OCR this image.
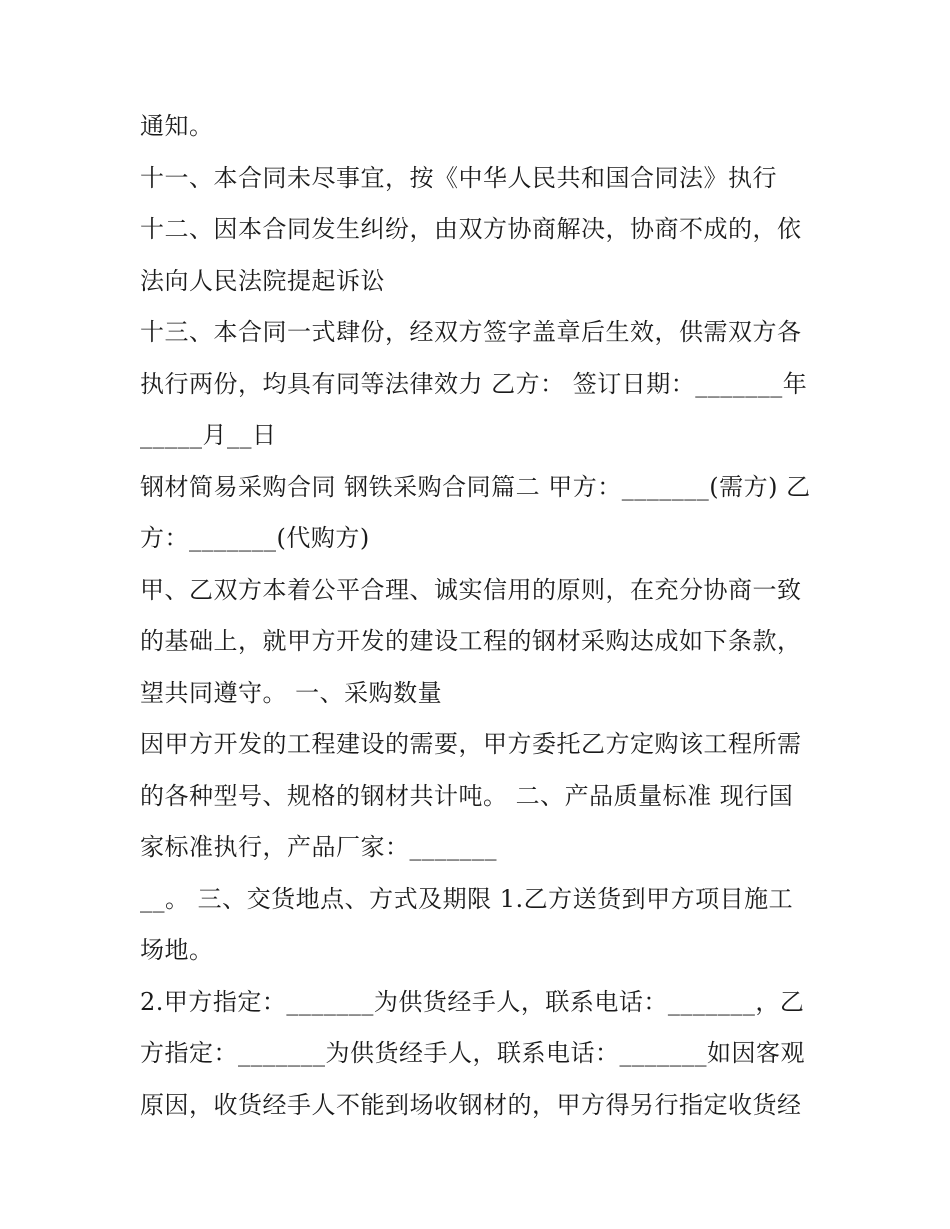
通知。
十一、本合同未尽事宜，按《中华人民共和国合同法》执行
十二、因本合同发生纠纷，由双方协商解决，协商不成的，依
法向人民法院提起诉讼
十三、本合同一式肆份，经双方签字盖章后生效，供需双方各
执行两份，均具有同等法律效力 乙方： 签订日期：_______年
_____月__日
钢材简易采购合同 钢铁采购合同篇二 甲方：_______(需方) 乙
方：_______(代购方)
甲、乙双方本着公平合理、诚实信用的原则，在充分协商一致
的基础上，就甲方开发的建设工程的钢材采购达成如下条款，
望共同遵守。 一、采购数量
因甲方开发的工程建设的需要，甲方委托乙方定购该工程所需
的各种型号、规格的钢材共计吨。 二、产品质量标准 现行国
家标准执行，产品厂家：_______
__。 三、交货地点、方式及期限 1.乙方送货到甲方项目施工
场地。
2.甲方指定：_______为供货经手人，联系电话：_______，乙
方指定：_______为供货经手人，联系电话：_______如因客观
原因，收货经手人不能到场收钢材的，甲方得另行指定收货经
